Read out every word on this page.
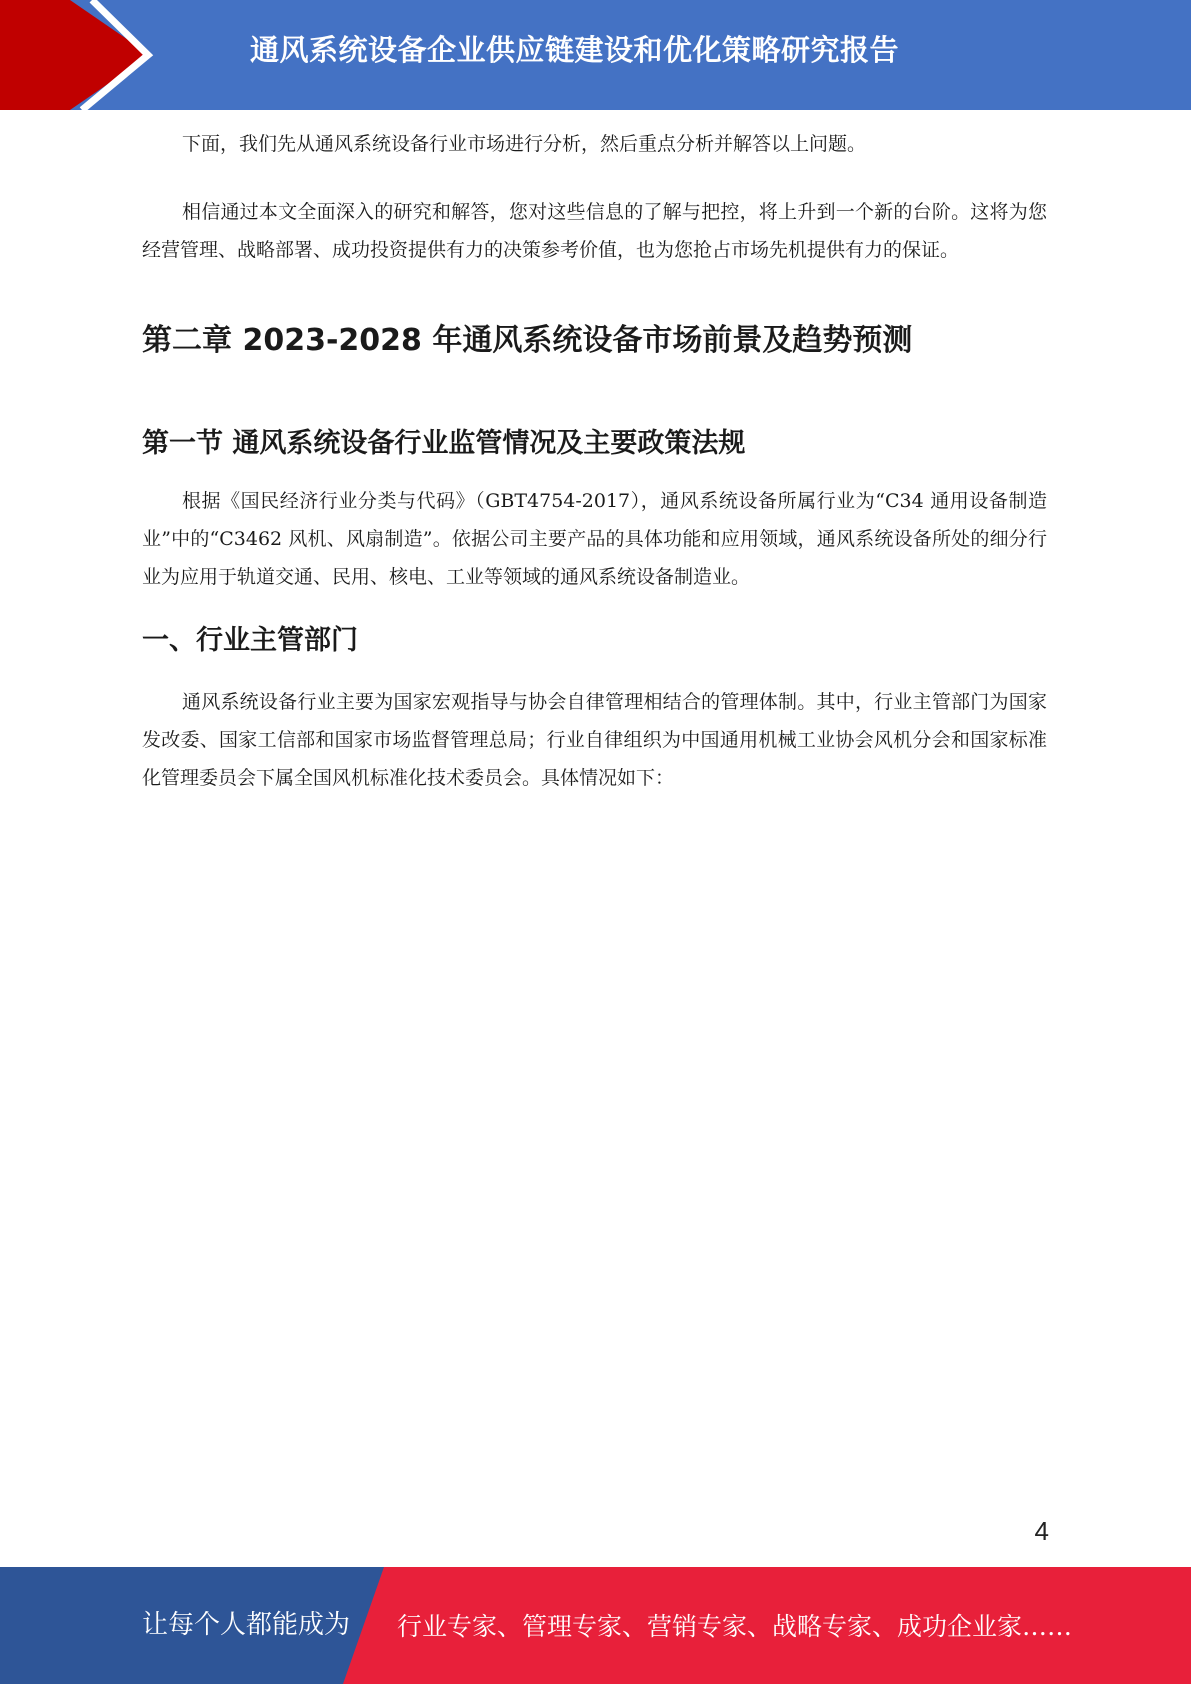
通风系统设备企业供应链建设和优化策略研究报告

下面，我们先从通风系统设备行业市场进行分析，然后重点分析并解答以上问题。

相信通过本文全面深入的研究和解答，您对这些信息的了解与把控，将上升到一个新的台阶。这将为您经营管理、战略部署、成功投资提供有力的决策参考价值，也为您抢占市场先机提供有力的保证。

第二章 2023-2028 年通风系统设备市场前景及趋势预测
第一节 通风系统设备行业监管情况及主要政策法规

根据《国民经济行业分类与代码》（GBT4754-2017），通风系统设备所属行业为“C34 通用设备制造业”中的“C3462 风机、风扇制造”。依据公司主要产品的具体功能和应用领域，通风系统设备所处的细分行业为应用于轨道交通、民用、核电、工业等领域的通风系统设备制造业。

一、行业主管部门

通风系统设备行业主要为国家宏观指导与协会自律管理相结合的管理体制。其中，行业主管部门为国家发改委、国家工信部和国家市场监督管理总局；行业自律组织为中国通用机械工业协会风机分会和国家标准化管理委员会下属全国风机标准化技术委员会。具体情况如下：

4
让每个人都能成为 行业专家、管理专家、营销专家、战略专家、成功企业家……
